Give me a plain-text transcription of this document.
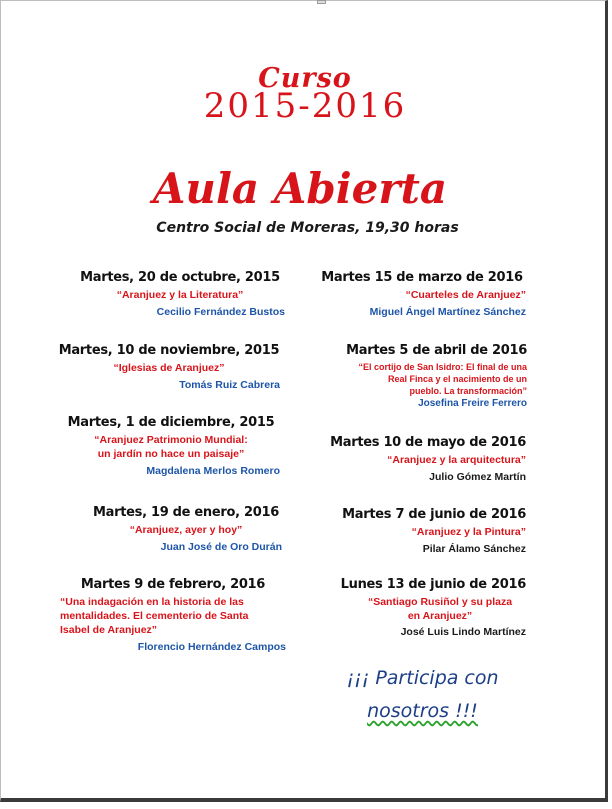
Curso
2015-2016
Aula Abierta
Centro Social de Moreras, 19,30 horas
Martes, 20 de octubre, 2015
“Aranjuez y la Literatura”
Cecilio Fernández Bustos
Martes, 10 de noviembre, 2015
“Iglesias de Aranjuez”
Tomás Ruiz Cabrera
Martes, 1 de diciembre, 2015
“Aranjuez Patrimonio Mundial:
un jardín no hace un paisaje”
Magdalena Merlos Romero
Martes, 19 de enero, 2016
“Aranjuez, ayer y hoy”
Juan José de Oro Durán
Martes 9 de febrero, 2016
“Una indagación en la historia de las
mentalidades. El cementerio de Santa
Isabel de Aranjuez”
Florencio Hernández Campos
Martes 15 de marzo de 2016
“Cuarteles de Aranjuez”
Miguel Ángel Martínez Sánchez
Martes 5 de abril de 2016
“El cortijo de San Isidro: El final de una
Real Finca y el nacimiento de un
pueblo. La transformación”
Josefina Freire Ferrero
Martes 10 de mayo de 2016
“Aranjuez y la arquitectura”
Julio Gómez Martín
Martes 7 de junio de 2016
“Aranjuez y la Pintura”
Pilar Álamo Sánchez
Lunes 13 de junio de 2016
“Santiago Rusiñol y su plaza
en Aranjuez”
José Luis Lindo Martínez
¡¡¡ Participa con
nosotros !!!
